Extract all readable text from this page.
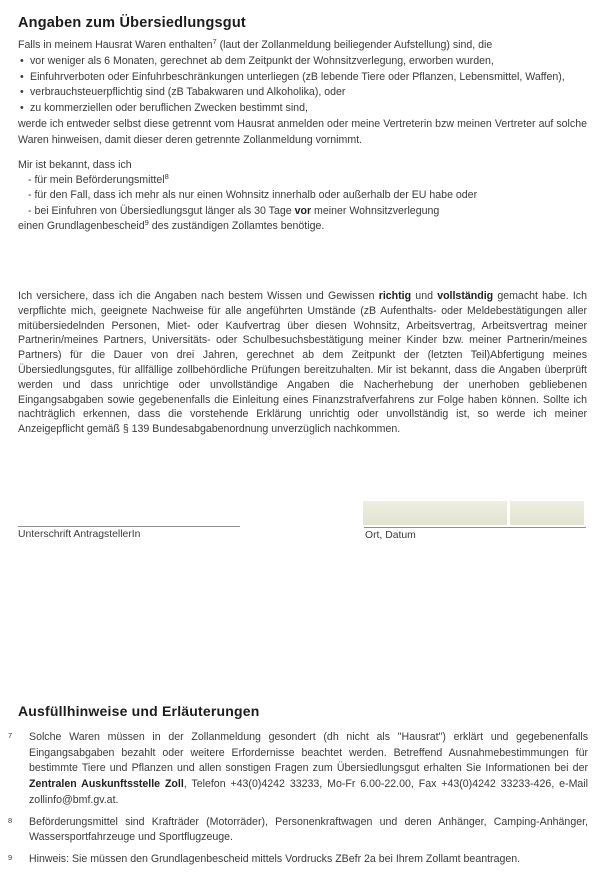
Angaben zum Übersiedlungsgut
Falls in meinem Hausrat Waren enthalten$^7$ (laut der Zollanmeldung beiliegender Aufstellung) sind, die
• vor weniger als 6 Monaten, gerechnet ab dem Zeitpunkt der Wohnsitzverlegung, erworben wurden,
• Einfuhrverboten oder Einfuhrbeschränkungen unterliegen (zB lebende Tiere oder Pflanzen, Lebensmittel, Waffen),
• verbrauchsteuerpflichtig sind (zB Tabakwaren und Alkoholika), oder
• zu kommerziellen oder beruflichen Zwecken bestimmt sind,
werde ich entweder selbst diese getrennt vom Hausrat anmelden oder meine Vertreterin bzw meinen Vertreter auf solche Waren hinweisen, damit dieser deren getrennte Zollanmeldung vornimmt.
Mir ist bekannt, dass ich
- für mein Beförderungsmittel$^8$
- für den Fall, dass ich mehr als nur einen Wohnsitz innerhalb oder außerhalb der EU habe oder
- bei Einfuhren von Übersiedlungsgut länger als 30 Tage vor meiner Wohnsitzverlegung
einen Grundlagenbescheid$^9$ des zuständigen Zollamtes benötige.
Ich versichere, dass ich die Angaben nach bestem Wissen und Gewissen richtig und vollständig gemacht habe. Ich verpflichte mich, geeignete Nachweise für alle angeführten Umstände (zB Aufenthalts- oder Meldebestätigungen aller mitübersiedelnden Personen, Miet- oder Kaufvertrag über diesen Wohnsitz, Arbeitsvertrag, Arbeitsvertrag meiner Partnerin/meines Partners, Universitäts- oder Schulbesuchsbestätigung meiner Kinder bzw. meiner Partnerin/meines Partners) für die Dauer von drei Jahren, gerechnet ab dem Zeitpunkt der (letzten Teil)Abfertigung meines Übersiedlungsgutes, für allfällige zollbehördliche Prüfungen bereitzuhalten. Mir ist bekannt, dass die Angaben überprüft werden und dass unrichtige oder unvollständige Angaben die Nacherhebung der unerhoben gebliebenen Eingangsabgaben sowie gegebenenfalls die Einleitung eines Finanzstrafverfahrens zur Folge haben können. Sollte ich nachträglich erkennen, dass die vorstehende Erklärung unrichtig oder unvollständig ist, so werde ich meiner Anzeigepflicht gemäß § 139 Bundesabgabenordnung unverzüglich nachkommen.
Unterschrift AntragstellerIn	Ort, Datum
Ausfüllhinweise und Erläuterungen
7 Solche Waren müssen in der Zollanmeldung gesondert (dh nicht als "Hausrat") erklärt und gegebenenfalls Eingangsabgaben bezahlt oder weitere Erfordernisse beachtet werden. Betreffend Ausnahmebestimmungen für bestimmte Tiere und Pflanzen und allen sonstigen Fragen zum Übersiedlungsgut erhalten Sie Informationen bei der Zentralen Auskunftsstelle Zoll, Telefon +43(0)4242 33233, Mo-Fr 6.00-22.00, Fax +43(0)4242 33233-426, e-Mail zollinfo@bmf.gv.at.
8 Beförderungsmittel sind Krafträder (Motorräder), Personenkraftwagen und deren Anhänger, Camping-Anhänger, Wassersportfahrzeuge und Sportflugzeuge.
9 Hinweis: Sie müssen den Grundlagenbescheid mittels Vordrucks ZBefr 2a bei Ihrem Zollamt beantragen.
